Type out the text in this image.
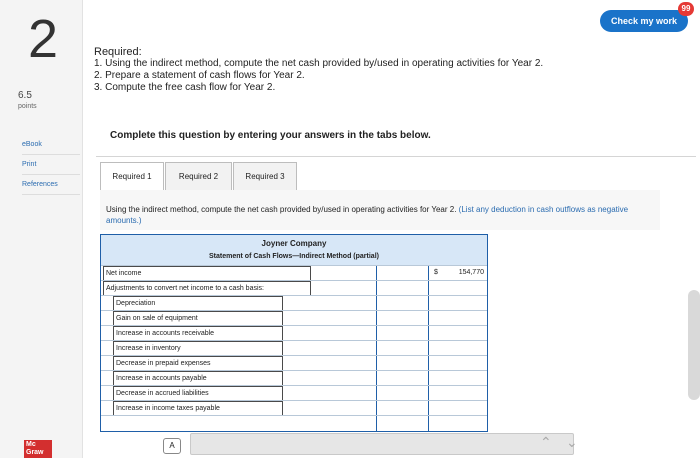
2
6.5
points
eBook
Print
References
Mc
Graw
Check my work
99
Required:
1. Using the indirect method, compute the net cash provided by/used in operating activities for Year 2.
2. Prepare a statement of cash flows for Year 2.
3. Compute the free cash flow for Year 2.
Complete this question by entering your answers in the tabs below.
Required 1	Required 2	Required 3
Using the indirect method, compute the net cash provided by/used in operating activities for Year 2. (List any deduction in cash outflows as negative amounts.)
Joyner Company
Statement of Cash Flows—Indirect Method (partial)
Net income	$	154,770
Adjustments to convert net income to a cash basis:
Depreciation
Gain on sale of equipment
Increase in accounts receivable
Increase in inventory
Decrease in prepaid expenses
Increase in accounts payable
Decrease in accrued liabilities
Increase in income taxes payable
A	⌃ ⌄
